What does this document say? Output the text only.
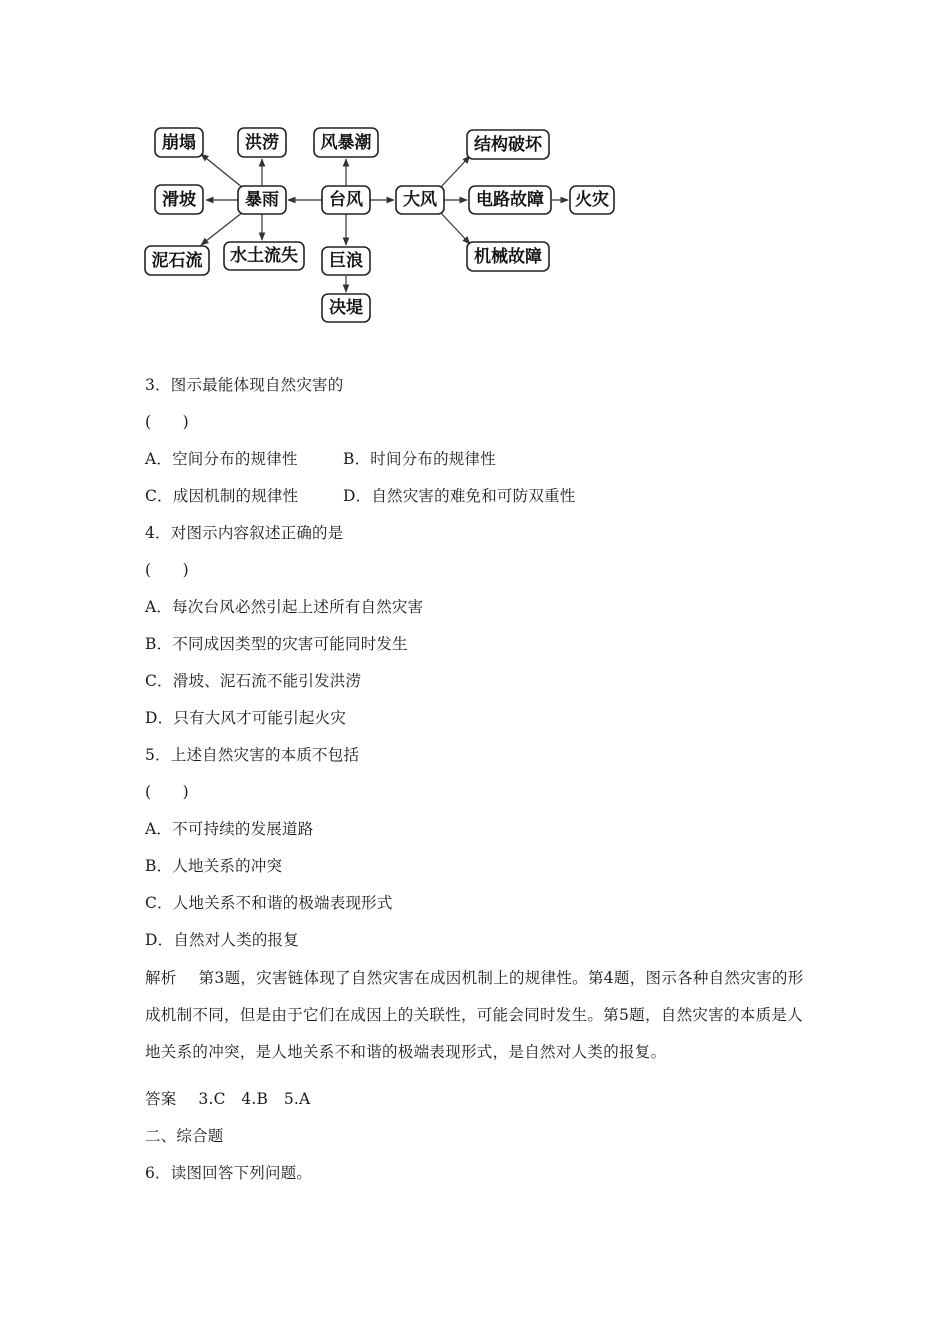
崩塌	洪涝 风暴潮	结构破坏
滑坡	暴雨	台风 大风 电路故障 火灾
泥石流 水土流失 巨浪	机械故障
决堤
3．图示最能体现自然灾害的
(　　)
A．空间分布的规律性	B．时间分布的规律性
C．成因机制的规律性	D．自然灾害的难免和可防双重性
4．对图示内容叙述正确的是
(　　)
A．每次台风必然引起上述所有自然灾害
B．不同成因类型的灾害可能同时发生
C．滑坡、泥石流不能引发洪涝
D．只有大风才可能引起火灾
5．上述自然灾害的本质不包括
(　　)
A．不可持续的发展道路
B．人地关系的冲突
C．人地关系不和谐的极端表现形式
D．自然对人类的报复
解析 第3题，灾害链体现了自然灾害在成因机制上的规律性。第4题，图示各种自然灾害的形成机制不同，但是由于它们在成因上的关联性，可能会同时发生。第5题，自然灾害的本质是人地关系的冲突，是人地关系不和谐的极端表现形式，是自然对人类的报复。
答案 3.C　4.B　5.A
二、综合题
6．读图回答下列问题。
